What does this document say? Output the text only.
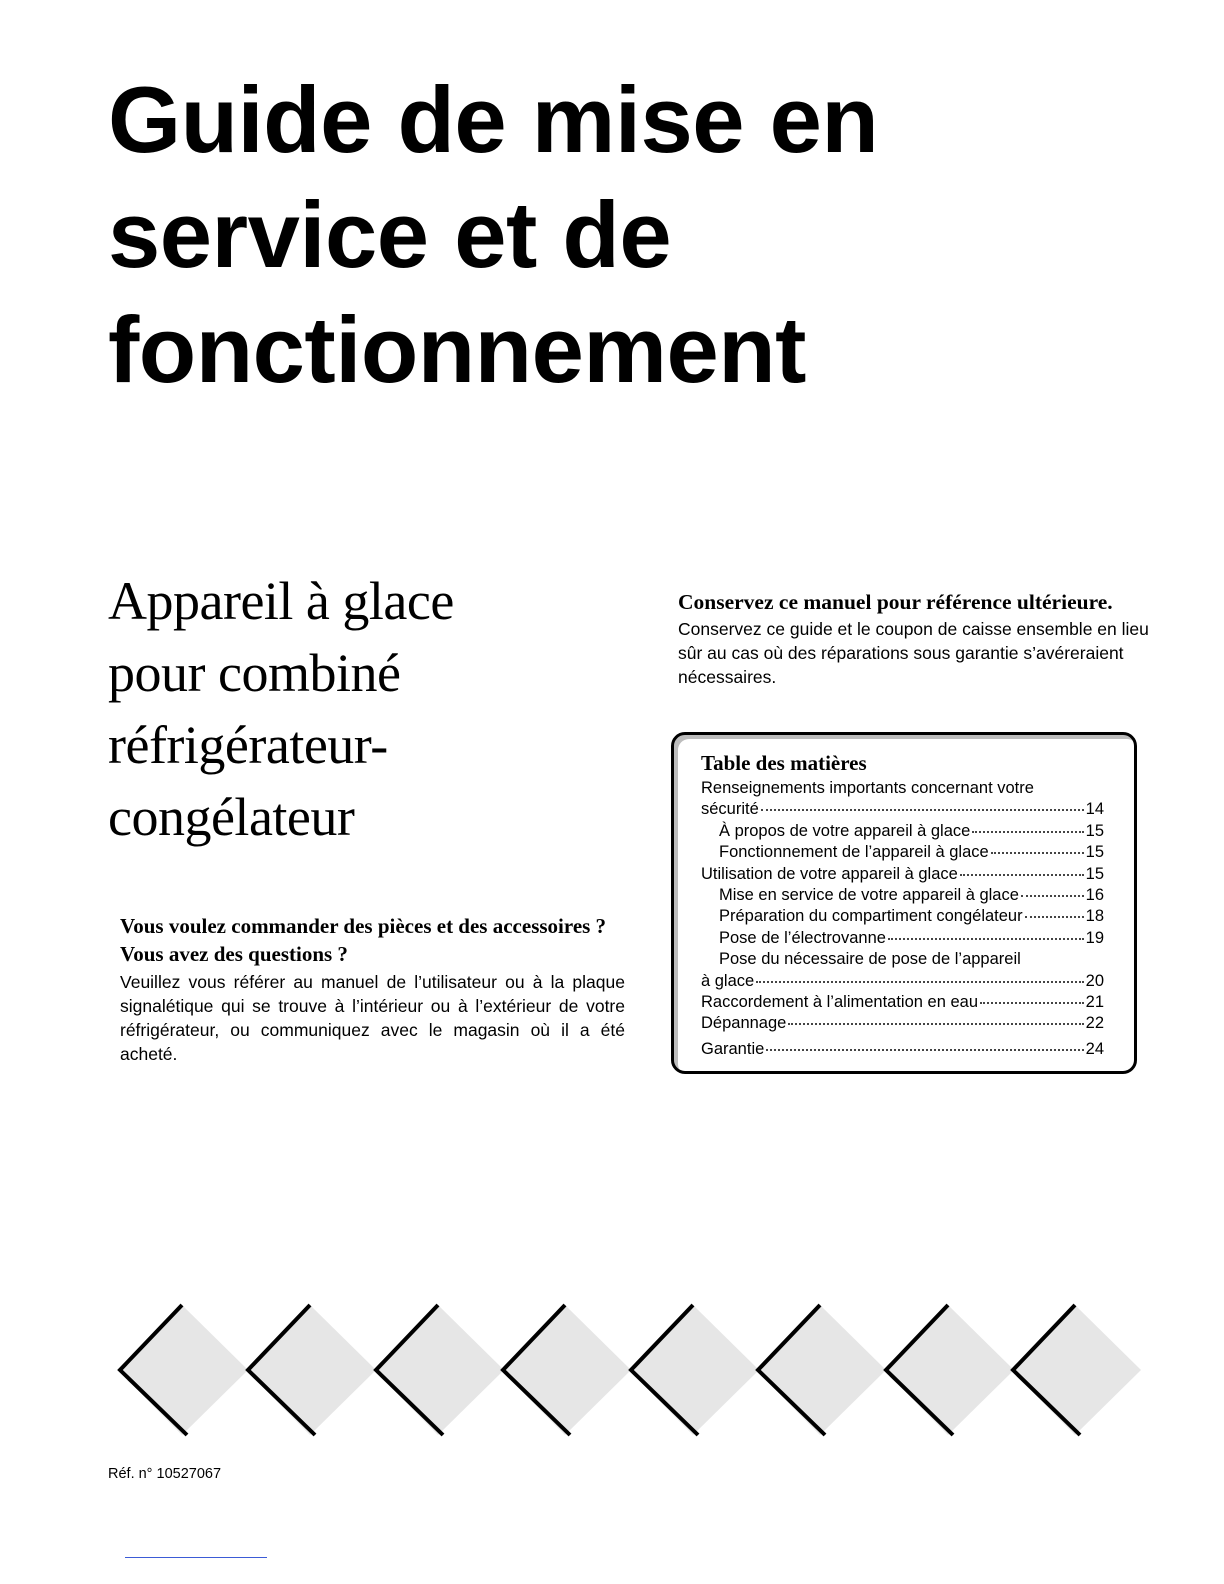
Guide de mise en
service et de
fonctionnement
Appareil à glace
pour combiné
réfrigérateur-
congélateur
Conservez ce manuel pour référence ultérieure.
Conservez ce guide et le coupon de caisse ensemble en lieu sûr au cas où des réparations sous garantie s’avéreraient nécessaires.
Table des matières
Renseignements importants concernant votre
sécurité	14
À propos de votre appareil à glace	15
Fonctionnement de l’appareil à glace	15
Utilisation de votre appareil à glace	15
Mise en service de votre appareil à glace	16
Préparation du compartiment congélateur	18
Pose de l’électrovanne	19
Pose du nécessaire de pose de l’appareil
à glace	20
Raccordement à l’alimentation en eau	21
Dépannage	22
Garantie	24
Vous voulez commander des pièces et des accessoires ?
Vous avez des questions ?
Veuillez vous référer au manuel de l’utilisateur ou à la plaque signalétique qui se trouve à l’intérieur ou à l’extérieur de votre réfrigérateur, ou communiquez avec le magasin où il a été acheté.
Réf. n° 10527067
